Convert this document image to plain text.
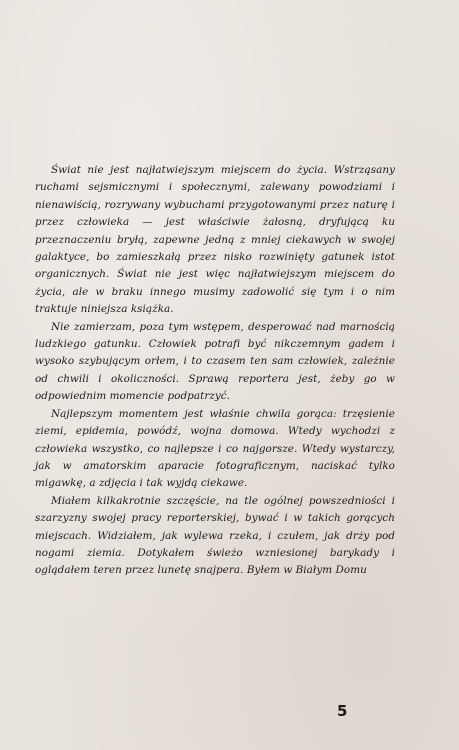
Świat nie jest najłatwiejszym miejscem do życia. Wstrząsany ruchami sejsmicznymi i społecznymi, zalewany powodziami i nienawiścią, rozrywany wybuchami przygotowanymi przez naturę i przez człowieka — jest właściwie żałosną, dryfującą ku przeznaczeniu bryłą, zapewne jedną z mniej ciekawych w swojej galaktyce, bo zamieszkałą przez nisko rozwinięty gatunek istot organicznych. Świat nie jest więc najłatwiejszym miejscem do życia, ale w braku innego musimy zadowolić się tym i o nim traktuje niniejsza książka.

Nie zamierzam, poza tym wstępem, desperować nad marnością ludzkiego gatunku. Człowiek potrafi być nikczemnym gadem i wysoko szybującym orłem, i to czasem ten sam człowiek, zależnie od chwili i okoliczności. Sprawą reportera jest, żeby go w odpowiednim momencie podpatrzyć.

Najlepszym momentem jest właśnie chwila gorąca: trzęsienie ziemi, epidemia, powódź, wojna domowa. Wtedy wychodzi z człowieka wszystko, co najlepsze i co najgorsze. Wtedy wystarczy, jak w amatorskim aparacie fotograficznym, naciskać tylko migawkę, a zdjęcia i tak wyjdą ciekawe.

Miałem kilkakrotnie szczęście, na tle ogólnej powszedniości i szarzyzny swojej pracy reporterskiej, bywać i w takich gorących miejscach. Widziałem, jak wylewa rzeka, i czułem, jak drży pod nogami ziemia. Dotykałem świeżo wzniesionej barykady i oglądałem teren przez lunetę snajpera. Byłem w Białym Domu

5
